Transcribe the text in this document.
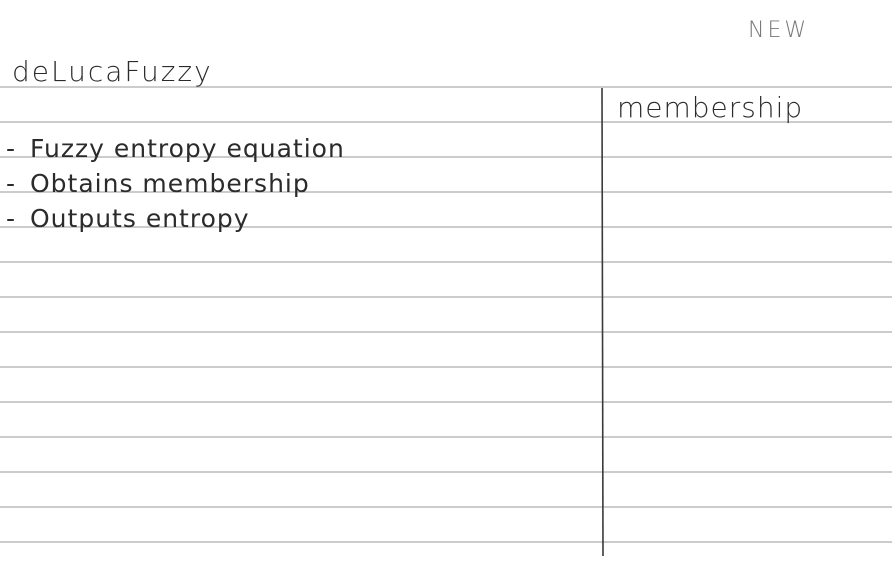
NEW
deLucaFuzzy
membership
- Fuzzy entropy equation
- Obtains membership
- Outputs entropy
